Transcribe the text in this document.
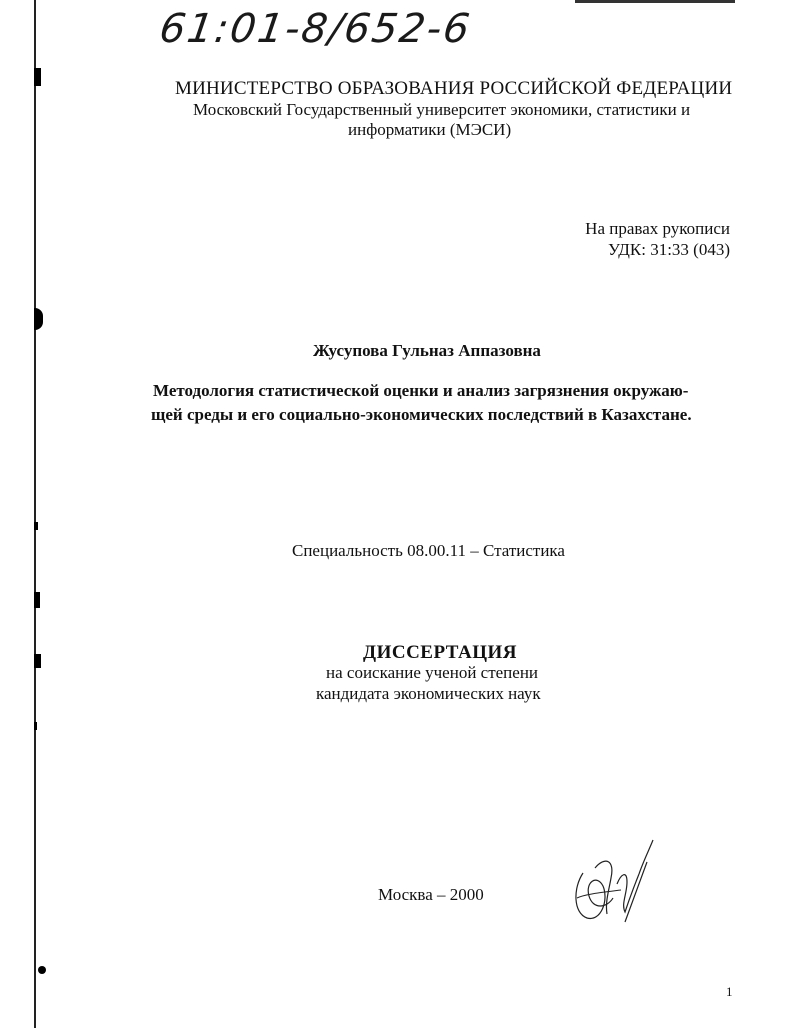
61:01-8/652-6
МИНИСТЕРСТВО ОБРАЗОВАНИЯ РОССИЙСКОЙ ФЕДЕРАЦИИ
Московский Государственный университет экономики, статистики и
информатики (МЭСИ)
На правах рукописи
УДК: 31:33 (043)
Жусупова Гульназ Аппазовна
Методология статистической оценки и анализ загрязнения окружаю-
щей среды и его социально-экономических последствий в Казахстане.
Специальность 08.00.11 – Статистика
ДИССЕРТАЦИЯ
на соискание ученой степени
кандидата экономических наук
Москва – 2000
1
